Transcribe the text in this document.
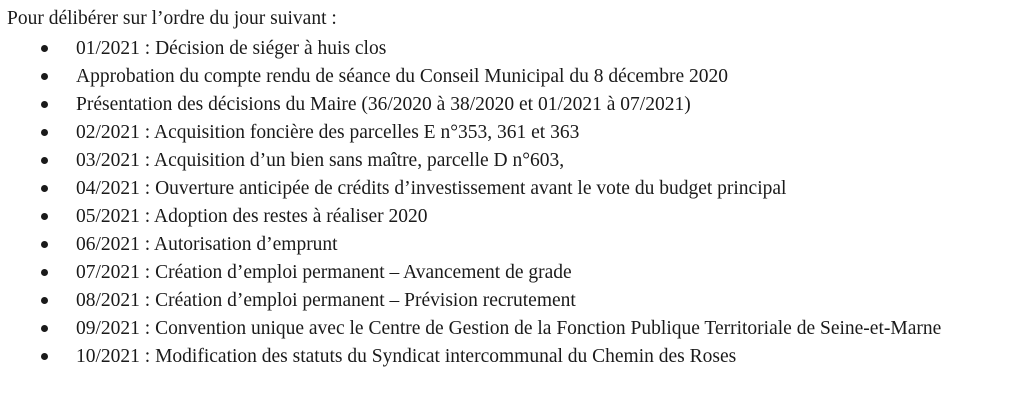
Pour délibérer sur l’ordre du jour suivant :

01/2021 : Décision de siéger à huis clos
Approbation du compte rendu de séance du Conseil Municipal du 8 décembre 2020
Présentation des décisions du Maire (36/2020 à 38/2020 et 01/2021 à 07/2021)
02/2021 : Acquisition foncière des parcelles E n°353, 361 et 363
03/2021 : Acquisition d’un bien sans maître, parcelle D n°603,
04/2021 : Ouverture anticipée de crédits d’investissement avant le vote du budget principal
05/2021 : Adoption des restes à réaliser 2020
06/2021 : Autorisation d’emprunt
07/2021 : Création d’emploi permanent – Avancement de grade
08/2021 : Création d’emploi permanent – Prévision recrutement
09/2021 : Convention unique avec le Centre de Gestion de la Fonction Publique Territoriale de Seine-et-Marne
10/2021 : Modification des statuts du Syndicat intercommunal du Chemin des Roses
